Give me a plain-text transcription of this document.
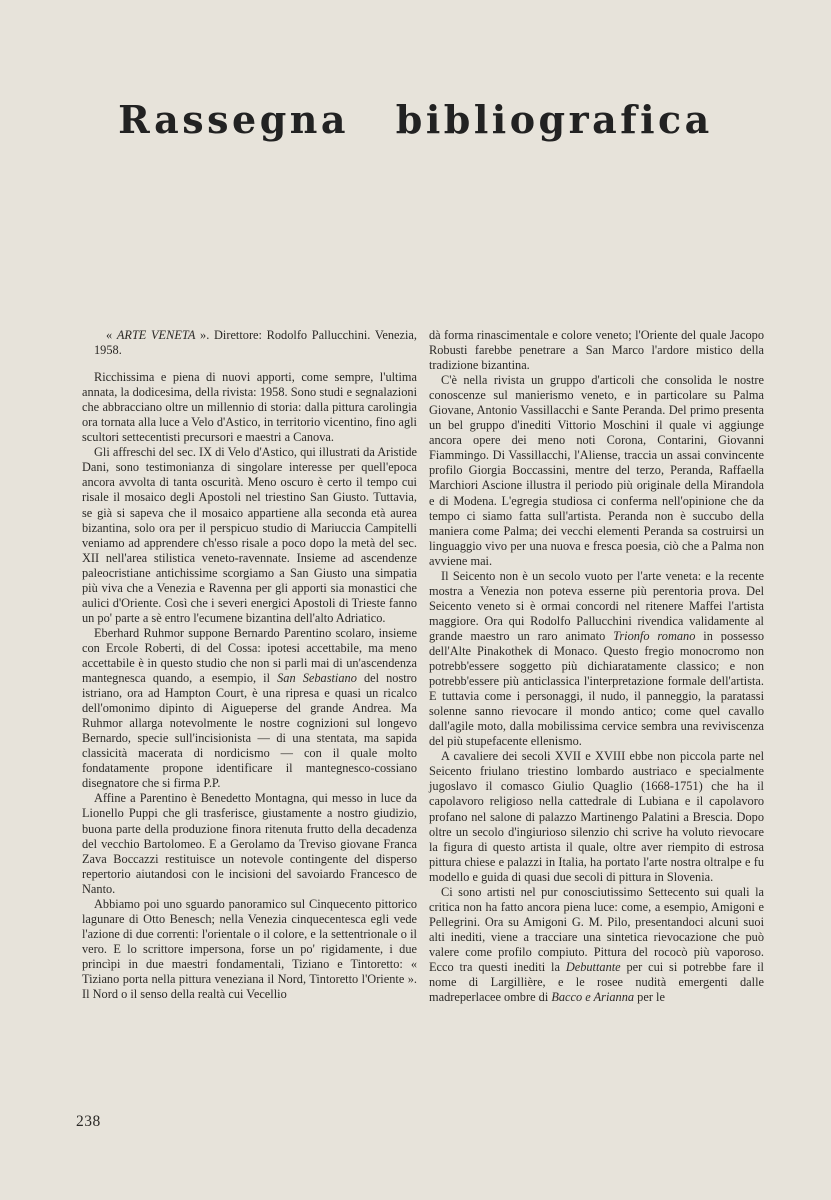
Rassegna bibliografica

« ARTE VENETA ». Direttore: Rodolfo Pallucchini. Venezia, 1958.

Ricchissima e piena di nuovi apporti, come sempre, l'ultima annata, la dodicesima, della rivista: 1958. Sono studi e segnalazioni che abbracciano oltre un millennio di storia: dalla pittura carolingia ora tornata alla luce a Velo d'Astico, in territorio vicentino, fino agli scultori settecentisti precursori e maestri a Canova.

Gli affreschi del sec. IX di Velo d'Astico, qui illustrati da Aristide Dani, sono testimonianza di singolare interesse per quell'epoca ancora avvolta di tanta oscurità. Meno oscuro è certo il tempo cui risale il mosaico degli Apostoli nel triestino San Giusto. Tuttavia, se già si sapeva che il mosaico appartiene alla seconda età aurea bizantina, solo ora per il perspicuo studio di Mariuccia Campitelli veniamo ad apprendere ch'esso risale a poco dopo la metà del sec. XII nell'area stilistica veneto-ravennate. Insieme ad ascendenze paleocristiane antichissime scorgiamo a San Giusto una simpatia più viva che a Venezia e Ravenna per gli apporti sia monastici che aulici d'Oriente. Così che i severi energici Apostoli di Trieste fanno un po' parte a sè entro l'ecumene bizantina dell'alto Adriatico.

Eberhard Ruhmor suppone Bernardo Parentino scolaro, insieme con Ercole Roberti, di del Cossa: ipotesi accettabile, ma meno accettabile è in questo studio che non si parli mai di un'ascendenza mantegnesca quando, a esempio, il San Sebastiano del nostro istriano, ora ad Hampton Court, è una ripresa e quasi un ricalco dell'omonimo dipinto di Aigueperse del grande Andrea. Ma Ruhmor allarga notevolmente le nostre cognizioni sul longevo Bernardo, specie sull'incisionista — di una stentata, ma sapida classicità macerata di nordicismo — con il quale molto fondatamente propone identificare il mantegnesco-cossiano disegnatore che si firma P.P.

Affine a Parentino è Benedetto Montagna, qui messo in luce da Lionello Puppi che gli trasferisce, giustamente a nostro giudizio, buona parte della produzione finora ritenuta frutto della decadenza del vecchio Bartolomeo. E a Gerolamo da Treviso giovane Franca Zava Boccazzi restituisce un notevole contingente del disperso repertorio aiutandosi con le incisioni del savoiardo Francesco de Nanto.

Abbiamo poi uno sguardo panoramico sul Cinquecento pittorico lagunare di Otto Benesch; nella Venezia cinquecentesca egli vede l'azione di due correnti: l'orientale o il colore, e la settentrionale o il vero. E lo scrittore impersona, forse un po' rigidamente, i due princìpi in due maestri fondamentali, Tiziano e Tintoretto: « Tiziano porta nella pittura veneziana il Nord, Tintoretto l'Oriente ». Il Nord o il senso della realtà cui Vecellio

dà forma rinascimentale e colore veneto; l'Oriente del quale Jacopo Robusti farebbe penetrare a San Marco l'ardore mistico della tradizione bizantina.

C'è nella rivista un gruppo d'articoli che consolida le nostre conoscenze sul manierismo veneto, e in particolare su Palma Giovane, Antonio Vassillacchi e Sante Peranda. Del primo presenta un bel gruppo d'inediti Vittorio Moschini il quale vi aggiunge ancora opere dei meno noti Corona, Contarini, Giovanni Fiammingo. Di Vassillacchi, l'Aliense, traccia un assai convincente profilo Giorgia Boccassini, mentre del terzo, Peranda, Raffaella Marchiori Ascione illustra il periodo più originale della Mirandola e di Modena. L'egregia studiosa ci conferma nell'opinione che da tempo ci siamo fatta sull'artista. Peranda non è succubo della maniera come Palma; dei vecchi elementi Peranda sa costruirsi un linguaggio vivo per una nuova e fresca poesia, ciò che a Palma non avviene mai.

Il Seicento non è un secolo vuoto per l'arte veneta: e la recente mostra a Venezia non poteva esserne più perentoria prova. Del Seicento veneto si è ormai concordi nel ritenere Maffei l'artista maggiore. Ora qui Rodolfo Pallucchini rivendica validamente al grande maestro un raro animato Trionfo romano in possesso dell'Alte Pinakothek di Monaco. Questo fregio monocromo non potrebb'essere soggetto più dichiaratamente classico; e non potrebb'essere più anticlassica l'interpretazione formale dell'artista. E tuttavia come i personaggi, il nudo, il panneggio, la paratassi solenne sanno rievocare il mondo antico; come quel cavallo dall'agile moto, dalla mobilissima cervice sembra una reviviscenza del più stupefacente ellenismo.

A cavaliere dei secoli XVII e XVIII ebbe non piccola parte nel Seicento friulano triestino lombardo austriaco e specialmente jugoslavo il comasco Giulio Quaglio (1668-1751) che ha il capolavoro religioso nella cattedrale di Lubiana e il capolavoro profano nel salone di palazzo Martinengo Palatini a Brescia. Dopo oltre un secolo d'ingiurioso silenzio chi scrive ha voluto rievocare la figura di questo artista il quale, oltre aver riempito di estrosa pittura chiese e palazzi in Italia, ha portato l'arte nostra oltralpe e fu modello e guida di quasi due secoli di pittura in Slovenia.

Ci sono artisti nel pur conosciutissimo Settecento sui quali la critica non ha fatto ancora piena luce: come, a esempio, Amigoni e Pellegrini. Ora su Amigoni G. M. Pilo, presentandoci alcuni suoi alti inediti, viene a tracciare una sintetica rievocazione che può valere come profilo compiuto. Pittura del rococò più vaporoso. Ecco tra questi inediti la Debuttante per cui si potrebbe fare il nome di Largillière, e le rosee nudità emergenti dalle madreperlacee ombre di Bacco e Arianna per le

238
